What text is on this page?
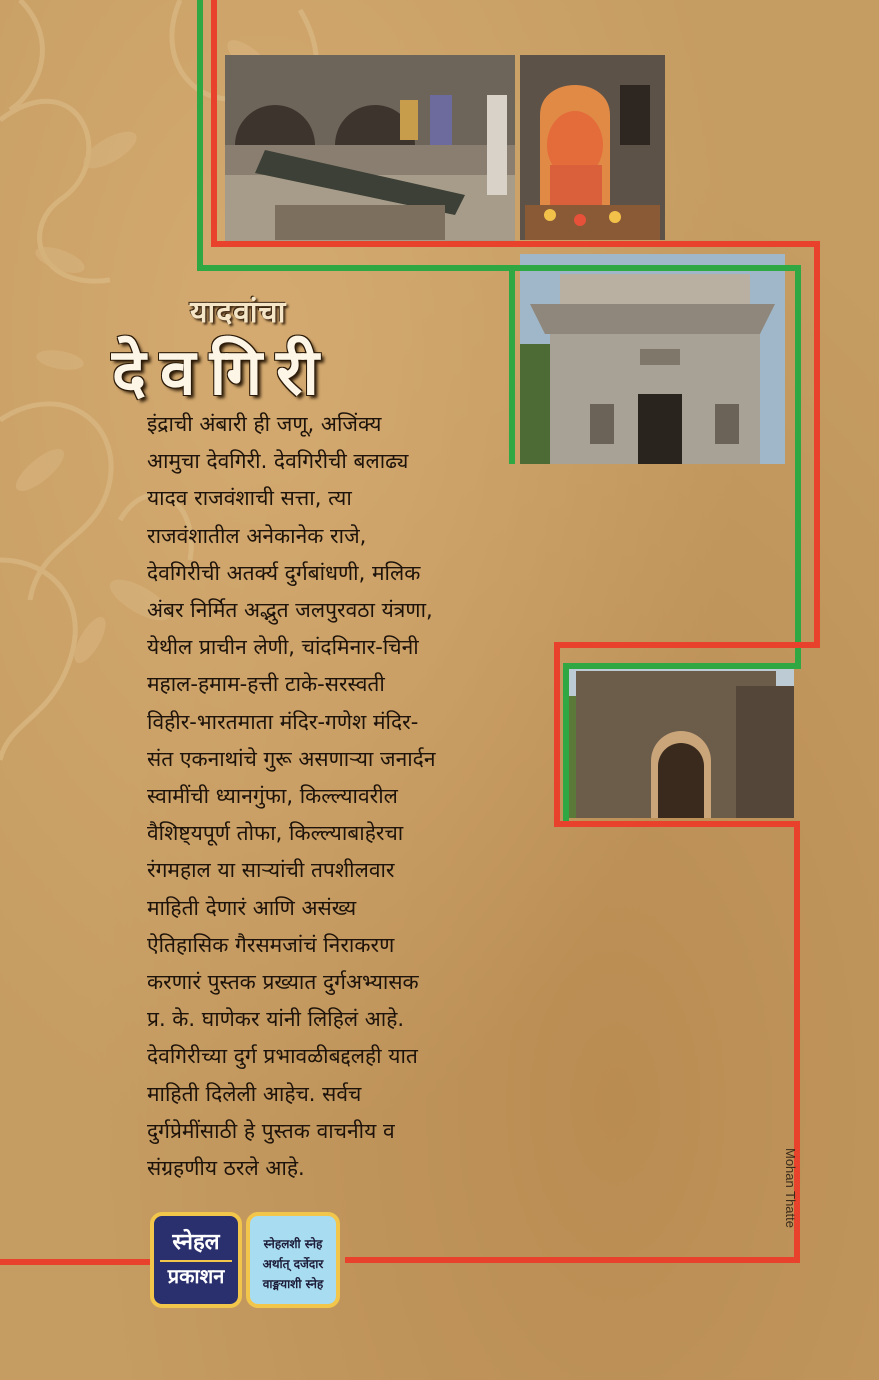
यादवांचा
देवगिरी
इंद्राची अंबारी ही जणू, अजिंक्य
आमुचा देवगिरी. देवगिरीची बलाढ्य
यादव राजवंशाची सत्ता, त्या
राजवंशातील अनेकानेक राजे,
देवगिरीची अतर्क्य दुर्गबांधणी, मलिक
अंबर निर्मित अद्भुत जलपुरवठा यंत्रणा,
येथील प्राचीन लेणी, चांदमिनार-चिनी
महाल-हमाम-हत्ती टाके-सरस्वती
विहीर-भारतमाता मंदिर-गणेश मंदिर-
संत एकनाथांचे गुरू असणाऱ्या जनार्दन
स्वामींची ध्यानगुंफा, किल्ल्यावरील
वैशिष्ट्यपूर्ण तोफा, किल्ल्याबाहेरचा
रंगमहाल या साऱ्यांची तपशीलवार
माहिती देणारं आणि असंख्य
ऐतिहासिक गैरसमजांचं निराकरण
करणारं पुस्तक प्रख्यात दुर्गअभ्यासक
प्र. के. घाणेकर यांनी लिहिलं आहे.
देवगिरीच्या दुर्ग प्रभावळीबद्दलही यात
माहिती दिलेली आहेच. सर्वच
दुर्गप्रेमींसाठी हे पुस्तक वाचनीय व
संग्रहणीय ठरले आहे.	Mohan Thatte
स्नेहल
प्रकाशन
स्नेहलशी स्नेह
अर्थात् दर्जेदार
वाङ्मयाशी स्नेह
